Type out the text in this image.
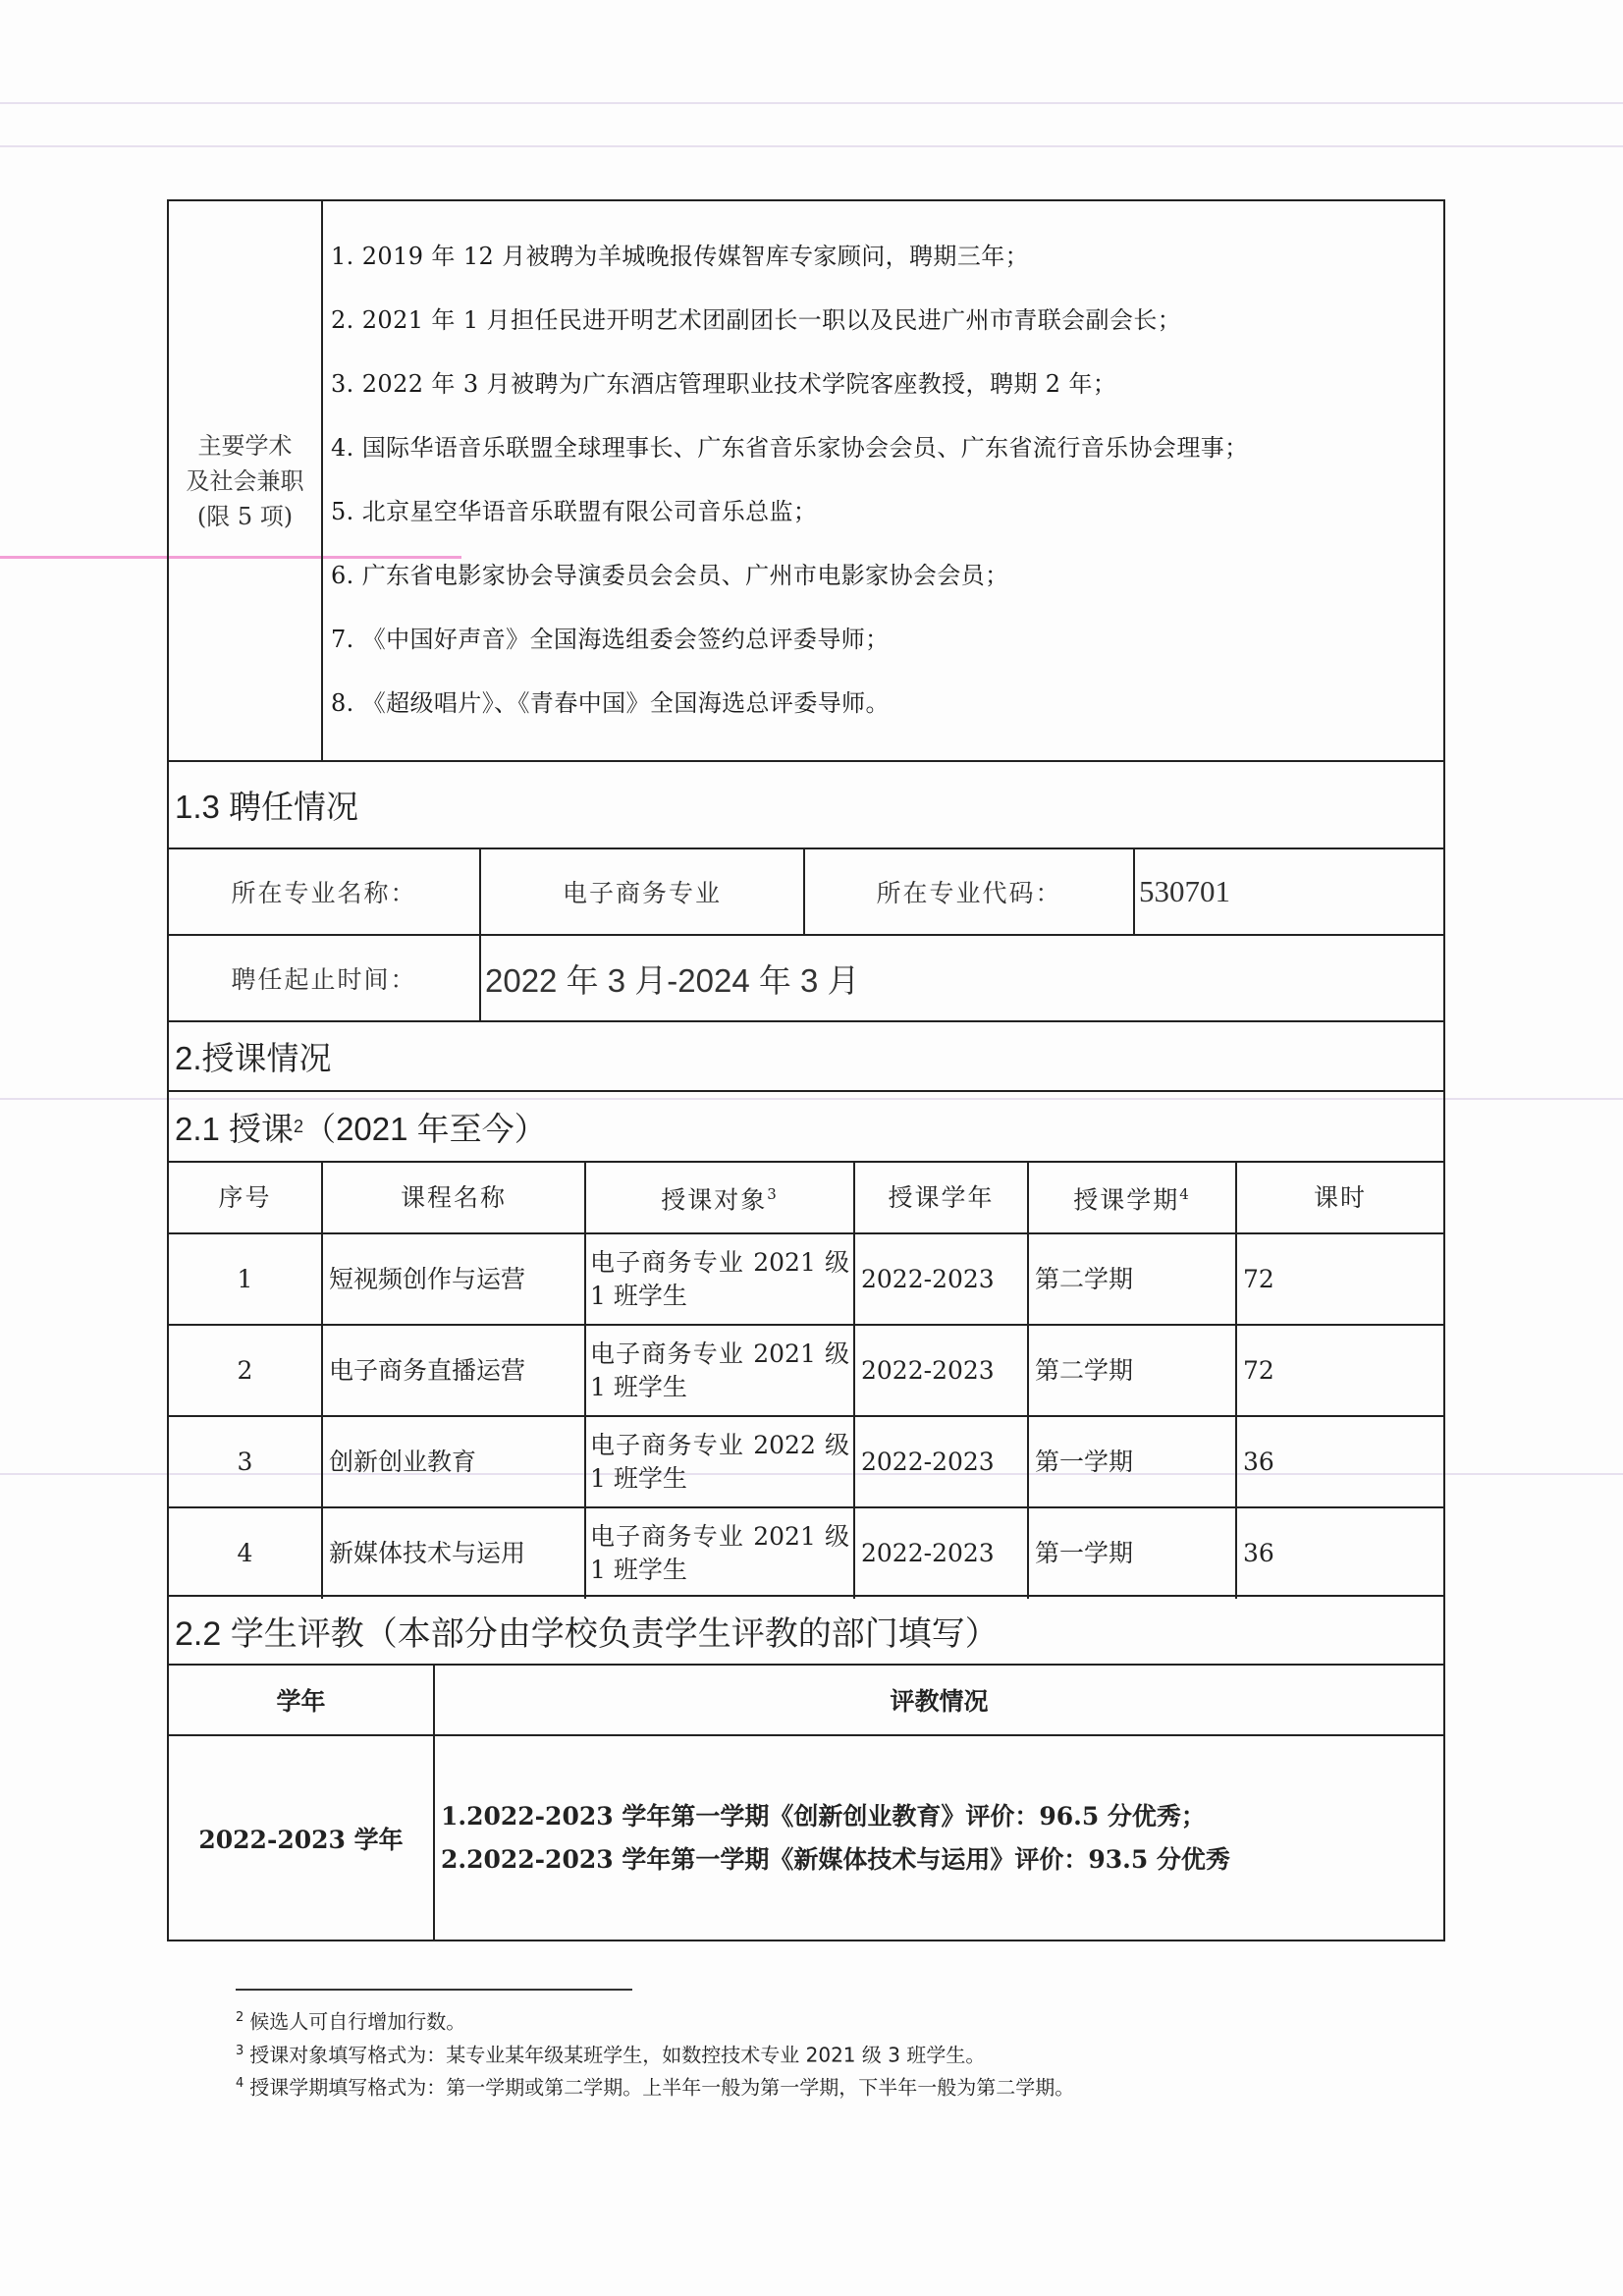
主要学术
及社会兼职
(限 5 项)

1. 2019 年 12 月被聘为羊城晚报传媒智库专家顾问，聘期三年；
2. 2021 年 1 月担任民进开明艺术团副团长一职以及民进广州市青联会副会长；
3. 2022 年 3 月被聘为广东酒店管理职业技术学院客座教授，聘期 2 年；
4. 国际华语音乐联盟全球理事长、广东省音乐家协会会员、广东省流行音乐协会理事；
5. 北京星空华语音乐联盟有限公司音乐总监；
6. 广东省电影家协会导演委员会会员、广州市电影家协会会员；
7. 《中国好声音》全国海选组委会签约总评委导师；
8. 《超级唱片》、《青春中国》全国海选总评委导师。
1.3 聘任情况
所在专业名称：	电子商务专业	所在专业代码：	530701
聘任起止时间：	2022 年 3 月-2024 年 3 月		
2.授课情况
2.1 授课 2 （2021 年至今）
序号	课程名称	授课对象$^3$	授课学年	授课学期$^4$	课时
1	短视频创作与运营	电子商务专业 2021 级 1 班学生	2022-2023	第二学期	72
2	电子商务直播运营	电子商务专业 2021 级 1 班学生	2022-2023	第二学期	72
3	创新创业教育	电子商务专业 2022 级 1 班学生	2022-2023	第一学期	36
4	新媒体技术与运用	电子商务专业 2021 级 1 班学生	2022-2023	第一学期	36
2.2 学生评教（本部分由学校负责学生评教的部门填写）
学年	评教情况
2022-2023 学年	1.2022-2023 学年第一学期《创新创业教育》评价：96.5 分优秀；
2.2022-2023 学年第一学期《新媒体技术与运用》评价：93.5 分优秀
$^2$ 候选人可自行增加行数。
$^3$ 授课对象填写格式为：某专业某年级某班学生，如数控技术专业 2021 级 3 班学生。
$^4$ 授课学期填写格式为：第一学期或第二学期。上半年一般为第一学期，下半年一般为第二学期。
